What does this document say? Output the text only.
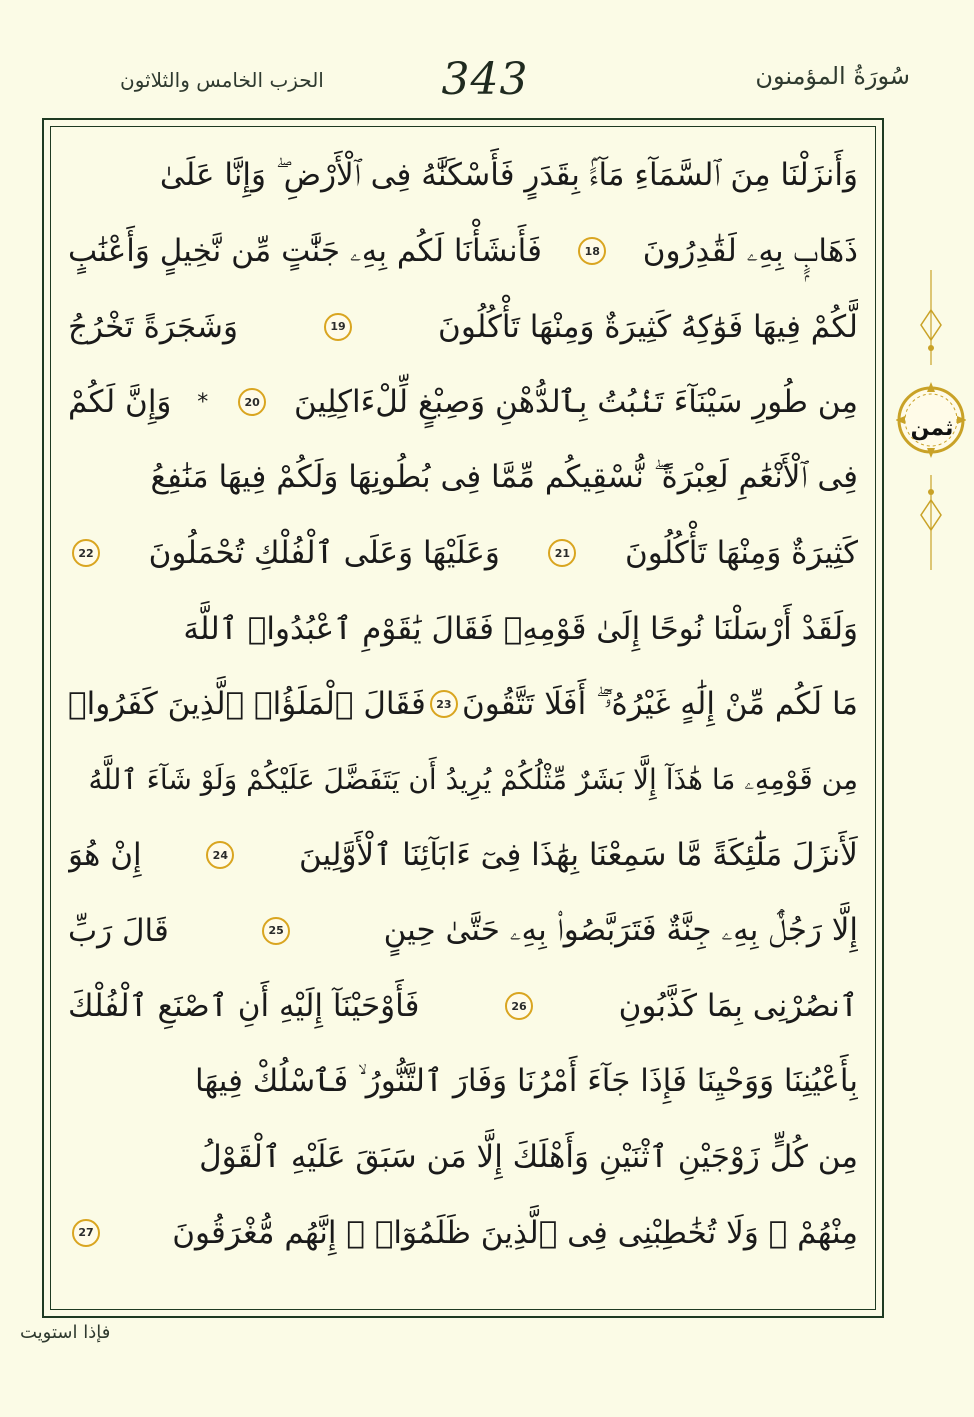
سُورَةُ المؤمنون
343
الحزب الخامس والثلاثون
وَأَنزَلْنَا مِنَ ٱلسَّمَآءِ مَآءًۢ بِقَدَرٍ فَأَسْكَنَّٰهُ فِى ٱلْأَرْضِ ۖ وَإِنَّا عَلَىٰ
ذَهَابٍۭ بِهِۦ لَقَٰدِرُونَ
18
فَأَنشَأْنَا لَكُم بِهِۦ جَنَّٰتٍ مِّن نَّخِيلٍ وَأَعْنَٰبٍ
لَّكُمْ فِيهَا فَوَٰكِهُ كَثِيرَةٌ وَمِنْهَا تَأْكُلُونَ
19
وَشَجَرَةً تَخْرُجُ
مِن طُورِ سَيْنَآءَ تَنۢبُتُ بِٱلدُّهْنِ وَصِبْغٍ لِّلْءَاكِلِينَ
20
*
وَإِنَّ لَكُمْ
فِى ٱلْأَنْعَٰمِ لَعِبْرَةً ۖ نُّسْقِيكُم مِّمَّا فِى بُطُونِهَا وَلَكُمْ فِيهَا مَنَٰفِعُ
كَثِيرَةٌ وَمِنْهَا تَأْكُلُونَ
21
وَعَلَيْهَا وَعَلَى ٱلْفُلْكِ تُحْمَلُونَ
22
وَلَقَدْ أَرْسَلْنَا نُوحًا إِلَىٰ قَوْمِهِۦ فَقَالَ يَٰقَوْمِ ٱعْبُدُوا۟ ٱللَّهَ
مَا لَكُم مِّنْ إِلَٰهٍ غَيْرُهُۥٓ ۖ أَفَلَا تَتَّقُونَ
23
فَقَالَ ٱلْمَلَؤُا۟ ٱلَّذِينَ كَفَرُوا۟
مِن قَوْمِهِۦ مَا هَٰذَآ إِلَّا بَشَرٌ مِّثْلُكُمْ يُرِيدُ أَن يَتَفَضَّلَ عَلَيْكُمْ وَلَوْ شَآءَ ٱللَّهُ
لَأَنزَلَ مَلَٰٓئِكَةً مَّا سَمِعْنَا بِهَٰذَا فِىٓ ءَابَآئِنَا ٱلْأَوَّلِينَ
24
إِنْ هُوَ
إِلَّا رَجُلٌۢ بِهِۦ جِنَّةٌ فَتَرَبَّصُوا۟ بِهِۦ حَتَّىٰ حِينٍ
25
قَالَ رَبِّ
ٱنصُرْنِى بِمَا كَذَّبُونِ
26
فَأَوْحَيْنَآ إِلَيْهِ أَنِ ٱصْنَعِ ٱلْفُلْكَ
بِأَعْيُنِنَا وَوَحْيِنَا فَإِذَا جَآءَ أَمْرُنَا وَفَارَ ٱلتَّنُّورُ ۙ فَٱسْلُكْ فِيهَا
مِن كُلٍّ زَوْجَيْنِ ٱثْنَيْنِ وَأَهْلَكَ إِلَّا مَن سَبَقَ عَلَيْهِ ٱلْقَوْلُ
مِنْهُمْ ۖ وَلَا تُخَٰطِبْنِى فِى ٱلَّذِينَ ظَلَمُوٓا۟ ۖ إِنَّهُم مُّغْرَقُونَ
27
ثمن
فإذا استويت
